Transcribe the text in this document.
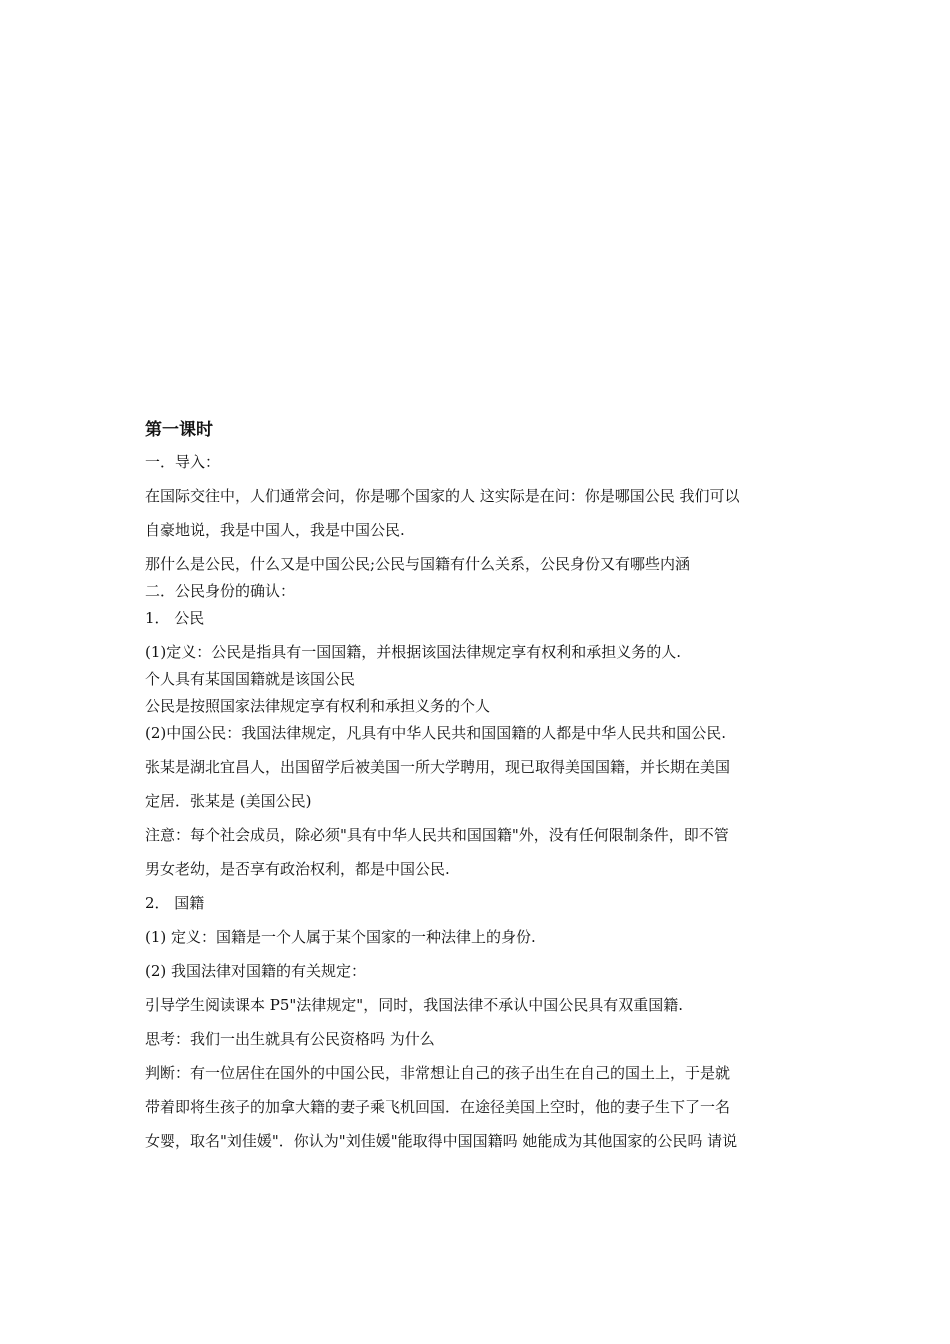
第一课时
一．导入：
在国际交往中，人们通常会问，你是哪个国家的人 这实际是在问：你是哪国公民 我们可以
自豪地说，我是中国人，我是中国公民.
那什么是公民，什么又是中国公民;公民与国籍有什么关系，公民身份又有哪些内涵
二．公民身份的确认：
1． 公民
(1)定义：公民是指具有一国国籍，并根据该国法律规定享有权利和承担义务的人.
个人具有某国国籍就是该国公民
公民是按照国家法律规定享有权利和承担义务的个人
(2)中国公民：我国法律规定，凡具有中华人民共和国国籍的人都是中华人民共和国公民.
张某是湖北宜昌人，出国留学后被美国一所大学聘用，现已取得美国国籍，并长期在美国
定居．张某是 (美国公民)
注意：每个社会成员，除必须"具有中华人民共和国国籍"外，没有任何限制条件，即不管
男女老幼，是否享有政治权利，都是中国公民.
2． 国籍
(1) 定义：国籍是一个人属于某个国家的一种法律上的身份.
(2) 我国法律对国籍的有关规定：
引导学生阅读课本 P5"法律规定"，同时，我国法律不承认中国公民具有双重国籍.
思考：我们一出生就具有公民资格吗 为什么
判断：有一位居住在国外的中国公民，非常想让自己的孩子出生在自己的国土上，于是就
带着即将生孩子的加拿大籍的妻子乘飞机回国．在途径美国上空时，他的妻子生下了一名
女婴，取名"刘佳媛"．你认为"刘佳媛"能取得中国国籍吗 她能成为其他国家的公民吗 请说
